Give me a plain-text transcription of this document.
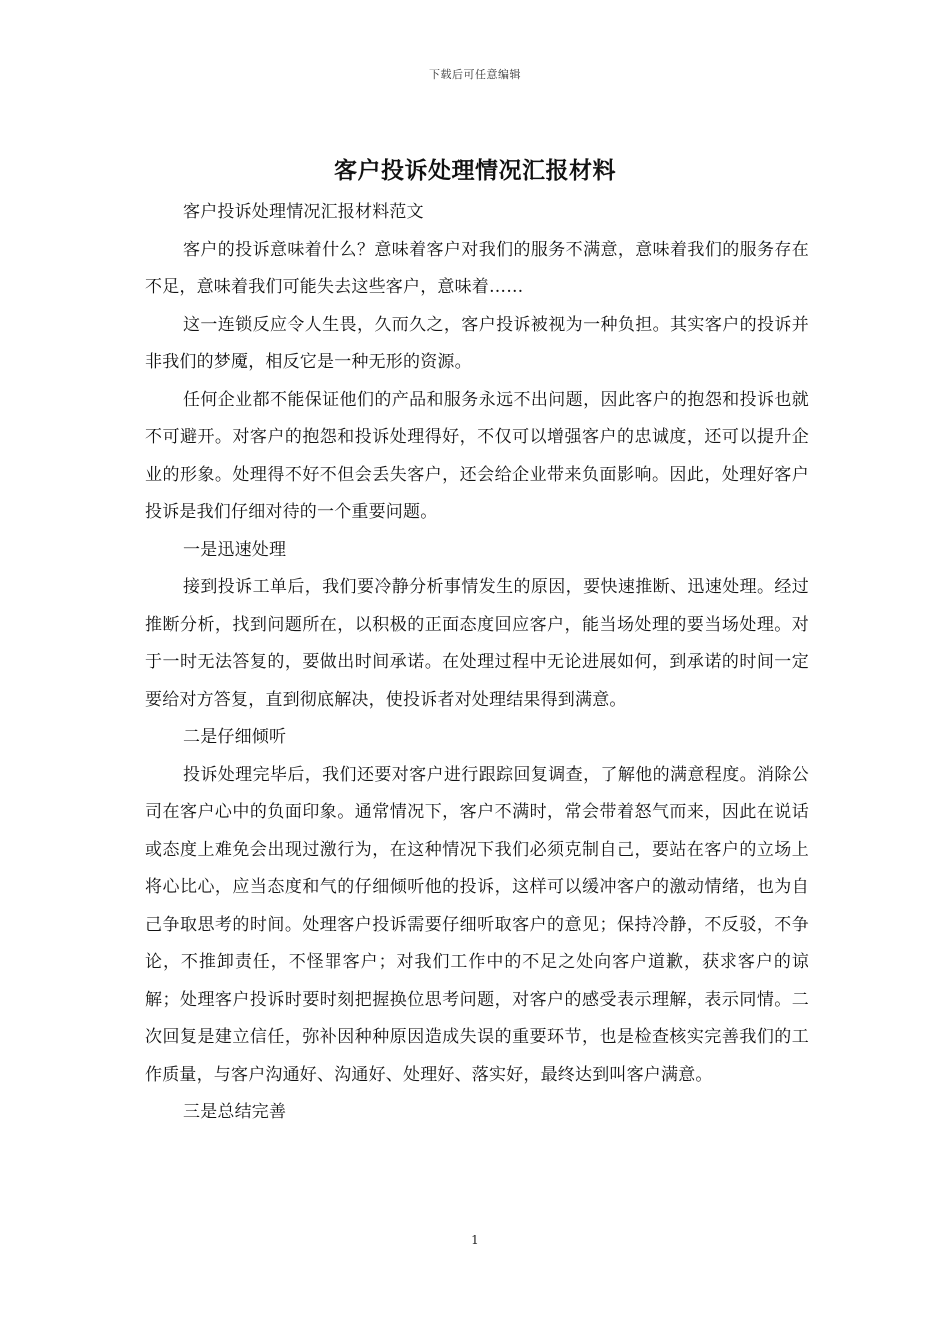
下载后可任意编辑
客户投诉处理情况汇报材料

客户投诉处理情况汇报材料范文

客户的投诉意味着什么？意味着客户对我们的服务不满意，意味着我们的服务存在不足，意味着我们可能失去这些客户，意味着……

这一连锁反应令人生畏，久而久之，客户投诉被视为一种负担。其实客户的投诉并非我们的梦魇，相反它是一种无形的资源。

任何企业都不能保证他们的产品和服务永远不出问题，因此客户的抱怨和投诉也就不可避开。对客户的抱怨和投诉处理得好，不仅可以增强客户的忠诚度，还可以提升企业的形象。处理得不好不但会丢失客户，还会给企业带来负面影响。因此，处理好客户投诉是我们仔细对待的一个重要问题。

一是迅速处理

接到投诉工单后，我们要冷静分析事情发生的原因，要快速推断、迅速处理。经过推断分析，找到问题所在，以积极的正面态度回应客户，能当场处理的要当场处理。对于一时无法答复的，要做出时间承诺。在处理过程中无论进展如何，到承诺的时间一定要给对方答复，直到彻底解决，使投诉者对处理结果得到满意。

二是仔细倾听

投诉处理完毕后，我们还要对客户进行跟踪回复调查，了解他的满意程度。消除公司在客户心中的负面印象。通常情况下，客户不满时，常会带着怒气而来，因此在说话或态度上难免会出现过激行为，在这种情况下我们必须克制自己，要站在客户的立场上将心比心，应当态度和气的仔细倾听他的投诉，这样可以缓冲客户的激动情绪，也为自己争取思考的时间。处理客户投诉需要仔细听取客户的意见；保持冷静，不反驳，不争论，不推卸责任，不怪罪客户；对我们工作中的不足之处向客户道歉，获求客户的谅解；处理客户投诉时要时刻把握换位思考问题，对客户的感受表示理解，表示同情。二次回复是建立信任，弥补因种种原因造成失误的重要环节，也是检查核实完善我们的工作质量，与客户沟通好、沟通好、处理好、落实好，最终达到叫客户满意。

三是总结完善

1
